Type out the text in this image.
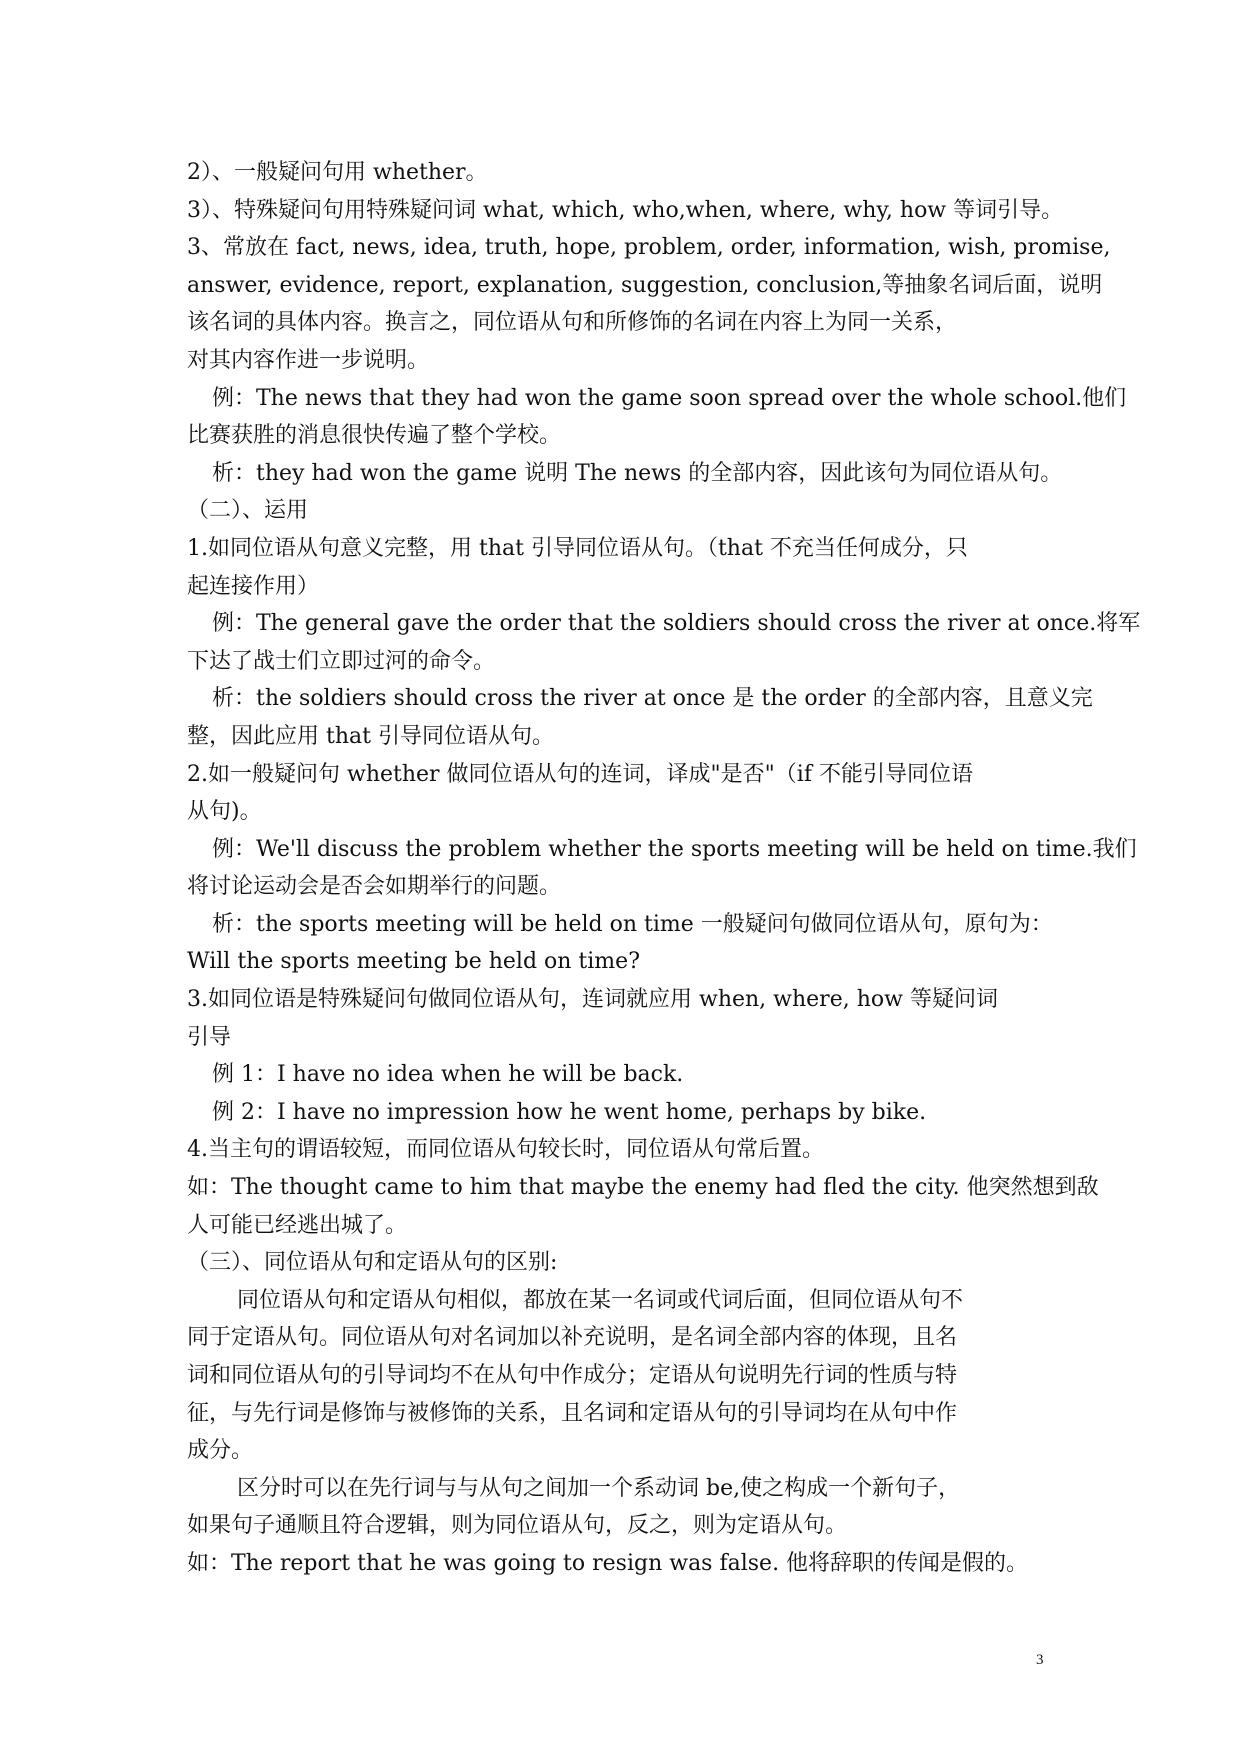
2）、一般疑问句用 whether。
3）、特殊疑问句用特殊疑问词 what, which, who,when, where, why, how 等词引导。
3、常放在 fact, news, idea, truth, hope, problem, order, information, wish, promise,
answer, evidence, report, explanation, suggestion, conclusion,等抽象名词后面，说明
该名词的具体内容。换言之，同位语从句和所修饰的名词在内容上为同一关系，
对其内容作进一步说明。
例：The news that they had won the game soon spread over the whole school.他们
比赛获胜的消息很快传遍了整个学校。
析：they had won the game 说明 The news 的全部内容，因此该句为同位语从句。
（二）、运用
1.如同位语从句意义完整，用 that 引导同位语从句。（that 不充当任何成分，只
起连接作用）
例：The general gave the order that the soldiers should cross the river at once.将军
下达了战士们立即过河的命令。
析：the soldiers should cross the river at once 是 the order 的全部内容，且意义完
整，因此应用 that 引导同位语从句。
2.如一般疑问句 whether 做同位语从句的连词，译成"是否"（if 不能引导同位语
从句)。
例：We'll discuss the problem whether the sports meeting will be held on time.我们
将讨论运动会是否会如期举行的问题。
析：the sports meeting will be held on time 一般疑问句做同位语从句，原句为：
Will the sports meeting be held on time?
3.如同位语是特殊疑问句做同位语从句，连词就应用 when, where, how 等疑问词
引导
例 1：I have no idea when he will be back.
例 2：I have no impression how he went home, perhaps by bike.
4.当主句的谓语较短，而同位语从句较长时，同位语从句常后置。
如：The thought came to him that maybe the enemy had fled the city. 他突然想到敌
人可能已经逃出城了。
（三）、同位语从句和定语从句的区别:
同位语从句和定语从句相似，都放在某一名词或代词后面，但同位语从句不
同于定语从句。同位语从句对名词加以补充说明，是名词全部内容的体现，且名
词和同位语从句的引导词均不在从句中作成分；定语从句说明先行词的性质与特
征，与先行词是修饰与被修饰的关系，且名词和定语从句的引导词均在从句中作
成分。
区分时可以在先行词与与从句之间加一个系动词 be,使之构成一个新句子，
如果句子通顺且符合逻辑，则为同位语从句，反之，则为定语从句。
如：The report that he was going to resign was false. 他将辞职的传闻是假的。
3
